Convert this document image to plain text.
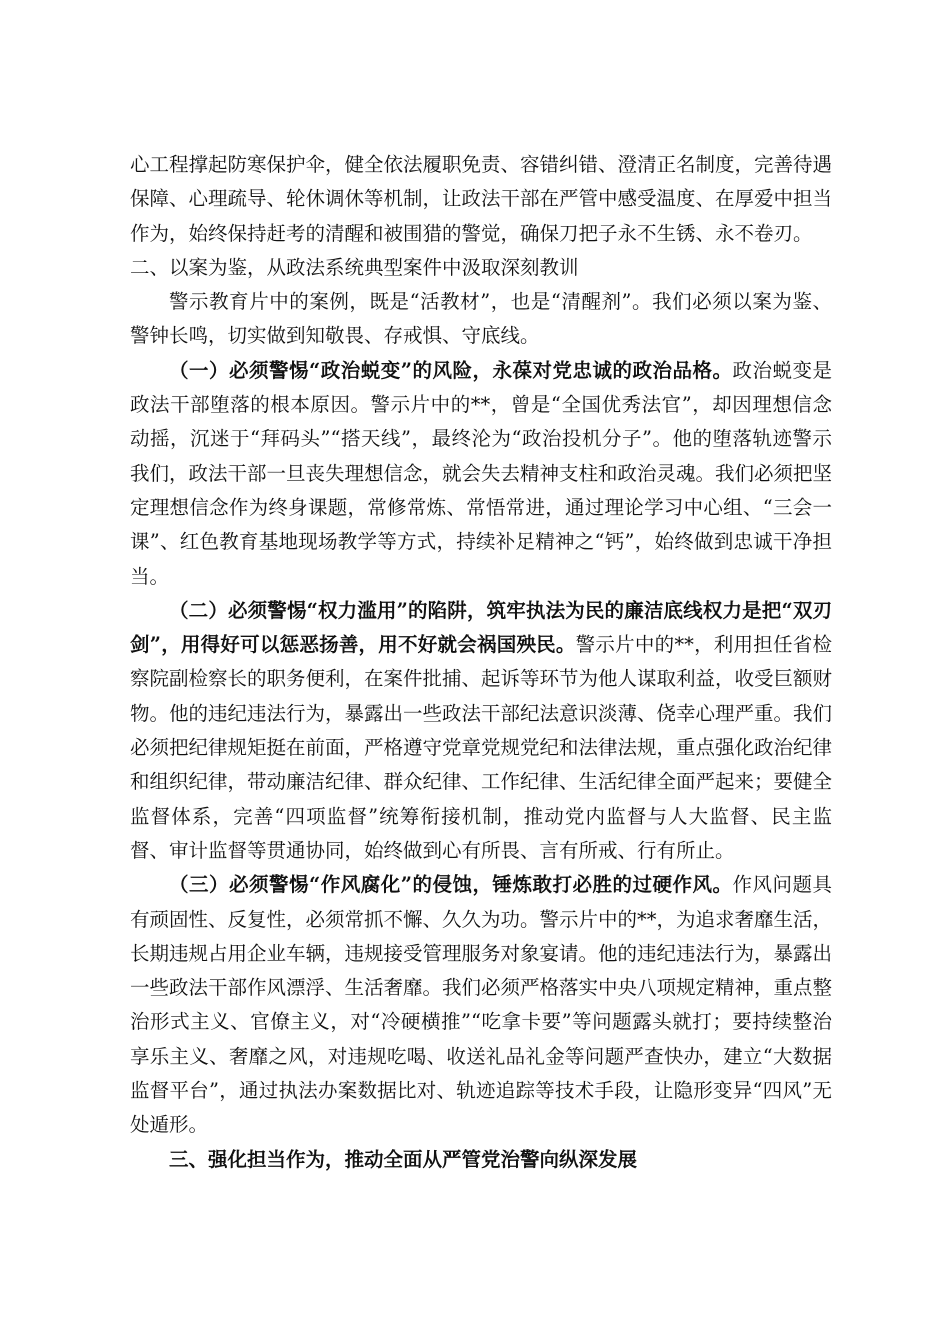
心工程撑起防寒保护伞，健全依法履职免责、容错纠错、澄清正名制度，完善待遇保障、心理疏导、轮休调休等机制，让政法干部在严管中感受温度、在厚爱中担当作为，始终保持赶考的清醒和被围猎的警觉，确保刀把子永不生锈、永不卷刃。

二、以案为鉴，从政法系统典型案件中汲取深刻教训

警示教育片中的案例，既是“活教材”，也是“清醒剂”。我们必须以案为鉴、警钟长鸣，切实做到知敬畏、存戒惧、守底线。

（一）必须警惕“政治蜕变”的风险，永葆对党忠诚的政治品格。政治蜕变是政法干部堕落的根本原因。警示片中的**，曾是“全国优秀法官”，却因理想信念动摇，沉迷于“拜码头”“搭天线”，最终沦为“政治投机分子”。他的堕落轨迹警示我们，政法干部一旦丧失理想信念，就会失去精神支柱和政治灵魂。我们必须把坚定理想信念作为终身课题，常修常炼、常悟常进，通过理论学习中心组、“三会一课”、红色教育基地现场教学等方式，持续补足精神之“钙”，始终做到忠诚干净担当。

（二）必须警惕“权力滥用”的陷阱，筑牢执法为民的廉洁底线权力是把“双刃剑”，用得好可以惩恶扬善，用不好就会祸国殃民。警示片中的**，利用担任省检察院副检察长的职务便利，在案件批捕、起诉等环节为他人谋取利益，收受巨额财物。他的违纪违法行为，暴露出一些政法干部纪法意识淡薄、侥幸心理严重。我们必须把纪律规矩挺在前面，严格遵守党章党规党纪和法律法规，重点强化政治纪律和组织纪律，带动廉洁纪律、群众纪律、工作纪律、生活纪律全面严起来；要健全监督体系，完善“四项监督”统筹衔接机制，推动党内监督与人大监督、民主监督、审计监督等贯通协同，始终做到心有所畏、言有所戒、行有所止。

（三）必须警惕“作风腐化”的侵蚀，锤炼敢打必胜的过硬作风。作风问题具有顽固性、反复性，必须常抓不懈、久久为功。警示片中的**，为追求奢靡生活，长期违规占用企业车辆，违规接受管理服务对象宴请。他的违纪违法行为，暴露出一些政法干部作风漂浮、生活奢靡。我们必须严格落实中央八项规定精神，重点整治形式主义、官僚主义，对“冷硬横推”“吃拿卡要”等问题露头就打；要持续整治享乐主义、奢靡之风，对违规吃喝、收送礼品礼金等问题严查快办，建立“大数据监督平台”，通过执法办案数据比对、轨迹追踪等技术手段，让隐形变异“四风”无处遁形。

三、强化担当作为，推动全面从严管党治警向纵深发展
